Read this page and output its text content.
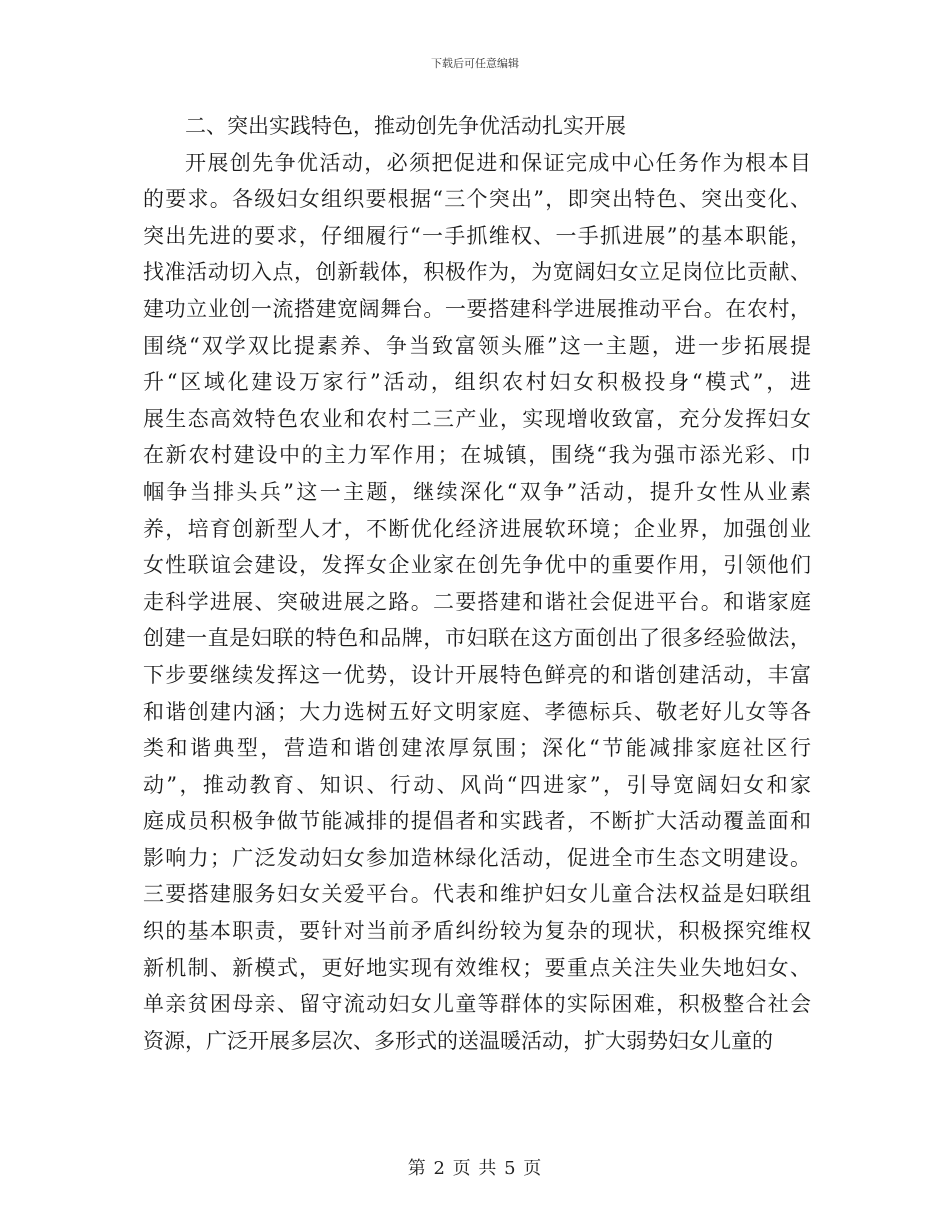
下载后可任意编辑

二、突出实践特色，推动创先争优活动扎实开展

开展创先争优活动，必须把促进和保证完成中心任务作为根本目
的要求。各级妇女组织要根据“三个突出”，即突出特色、突出变化、
突出先进的要求，仔细履行“一手抓维权、一手抓进展”的基本职能，
找准活动切入点，创新载体，积极作为，为宽阔妇女立足岗位比贡献、
建功立业创一流搭建宽阔舞台。一要搭建科学进展推动平台。在农村，
围绕“双学双比提素养、争当致富领头雁”这一主题，进一步拓展提
升“区域化建设万家行”活动，组织农村妇女积极投身“模式”，进
展生态高效特色农业和农村二三产业，实现增收致富，充分发挥妇女
在新农村建设中的主力军作用；在城镇，围绕“我为强市添光彩、巾
帼争当排头兵”这一主题，继续深化“双争”活动，提升女性从业素
养，培育创新型人才，不断优化经济进展软环境；企业界，加强创业
女性联谊会建设，发挥女企业家在创先争优中的重要作用，引领他们
走科学进展、突破进展之路。二要搭建和谐社会促进平台。和谐家庭
创建一直是妇联的特色和品牌，市妇联在这方面创出了很多经验做法，
下步要继续发挥这一优势，设计开展特色鲜亮的和谐创建活动，丰富
和谐创建内涵；大力选树五好文明家庭、孝德标兵、敬老好儿女等各
类和谐典型，营造和谐创建浓厚氛围；深化“节能减排家庭社区行
动”，推动教育、知识、行动、风尚“四进家”，引导宽阔妇女和家
庭成员积极争做节能减排的提倡者和实践者，不断扩大活动覆盖面和
影响力；广泛发动妇女参加造林绿化活动，促进全市生态文明建设。
三要搭建服务妇女关爱平台。代表和维护妇女儿童合法权益是妇联组
织的基本职责，要针对当前矛盾纠纷较为复杂的现状，积极探究维权
新机制、新模式，更好地实现有效维权；要重点关注失业失地妇女、
单亲贫困母亲、留守流动妇女儿童等群体的实际困难，积极整合社会
资源，广泛开展多层次、多形式的送温暖活动，扩大弱势妇女儿童的
第 2 页 共 5 页
